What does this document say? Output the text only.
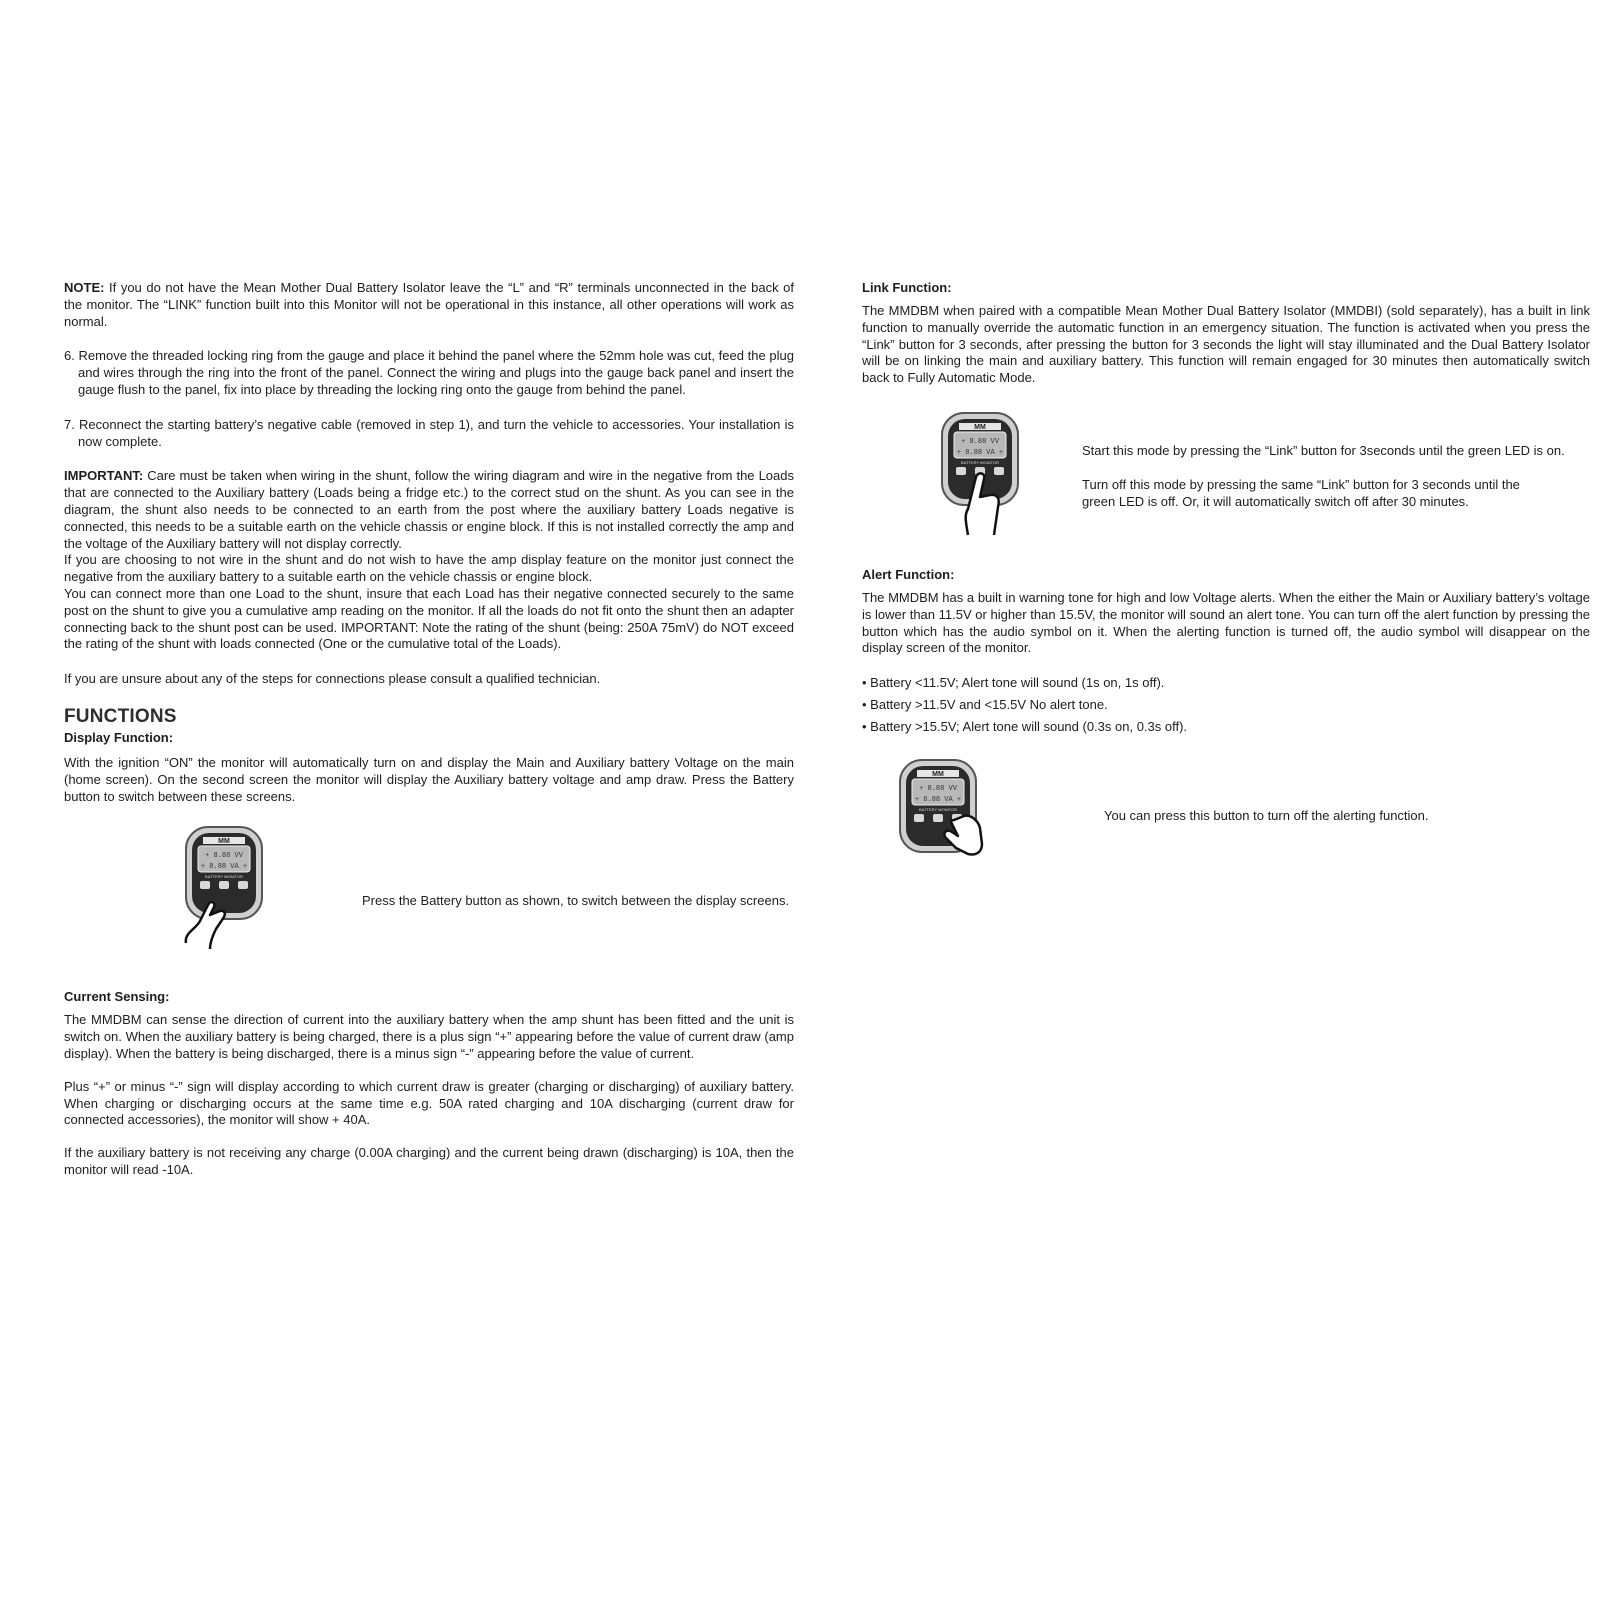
NOTE: If you do not have the Mean Mother Dual Battery Isolator leave the “L” and “R” terminals unconnected in the back of the monitor. The “LINK” function built into this Monitor will not be operational in this instance, all other operations will work as normal.

6. Remove the threaded locking ring from the gauge and place it behind the panel where the 52mm hole was cut, feed the plug and wires through the ring into the front of the panel. Connect the wiring and plugs into the gauge back panel and insert the gauge flush to the panel, fix into place by threading the locking ring onto the gauge from behind the panel.

7. Reconnect the starting battery’s negative cable (removed in step 1), and turn the vehicle to accessories. Your installation is now complete.

IMPORTANT: Care must be taken when wiring in the shunt, follow the wiring diagram and wire in the negative from the Loads that are connected to the Auxiliary battery (Loads being a fridge etc.) to the correct stud on the shunt. As you can see in the diagram, the shunt also needs to be connected to an earth from the post where the auxiliary battery Loads negative is connected, this needs to be a suitable earth on the vehicle chassis or engine block. If this is not installed correctly the amp and the voltage of the Auxiliary battery will not display correctly.

If you are choosing to not wire in the shunt and do not wish to have the amp display feature on the monitor just connect the negative from the auxiliary battery to a suitable earth on the vehicle chassis or engine block.

You can connect more than one Load to the shunt, insure that each Load has their negative connected securely to the same post on the shunt to give you a cumulative amp reading on the monitor. If all the loads do not fit onto the shunt then an adapter connecting back to the shunt post can be used. IMPORTANT: Note the rating of the shunt (being: 250A 75mV) do NOT exceed the rating of the shunt with loads connected (One or the cumulative total of the Loads).

If you are unsure about any of the steps for connections please consult a qualified technician.

FUNCTIONS
Display Function:

With the ignition “ON” the monitor will automatically turn on and display the Main and Auxiliary battery Voltage on the main (home screen). On the second screen the monitor will display the Auxiliary battery voltage and amp draw. Press the Battery button to switch between these screens.

MM
+ 8.88 VV
+ 8.88 VA +
BATTERY MONITOR
Press the Battery button as shown, to switch between the display screens.
Current Sensing:

The MMDBM can sense the direction of current into the auxiliary battery when the amp shunt has been fitted and the unit is switch on. When the auxiliary battery is being charged, there is a plus sign “+” appearing before the value of current draw (amp display). When the battery is being discharged, there is a minus sign “-” appearing before the value of current.

Plus “+” or minus “-” sign will display according to which current draw is greater (charging or discharging) of auxiliary battery. When charging or discharging occurs at the same time e.g. 50A rated charging and 10A discharging (current draw for connected accessories), the monitor will show + 40A.

If the auxiliary battery is not receiving any charge (0.00A charging) and the current being drawn (discharging) is 10A, then the monitor will read -10A.

Link Function:

The MMDBM when paired with a compatible Mean Mother Dual Battery Isolator (MMDBI) (sold separately), has a built in link function to manually override the automatic function in an emergency situation. The function is activated when you press the “Link” button for 3 seconds, after pressing the button for 3 seconds the light will stay illuminated and the Dual Battery Isolator will be on linking the main and auxiliary battery. This function will remain engaged for 30 minutes then automatically switch back to Fully Automatic Mode.

MM
+ 8.88 VV
+ 8.88 VA +
BATTERY MONITOR
Start this mode by pressing the “Link” button for 3seconds until the green LED is on.
Turn off this mode by pressing the same “Link” button for 3 seconds until the green LED is off. Or, it will automatically switch off after 30 minutes.
Alert Function:

The MMDBM has a built in warning tone for high and low Voltage alerts. When the either the Main or Auxiliary battery’s voltage is lower than 11.5V or higher than 15.5V, the monitor will sound an alert tone. You can turn off the alert function by pressing the button which has the audio symbol on it. When the alerting function is turned off, the audio symbol will disappear on the display screen of the monitor.

• Battery <11.5V; Alert tone will sound (1s on, 1s off).
• Battery >11.5V and <15.5V No alert tone.
• Battery >15.5V; Alert tone will sound (0.3s on, 0.3s off).
MM
+ 8.88 VV
+ 8.88 VA +
BATTERY MONITOR	You can press this button to turn off the alerting function.
